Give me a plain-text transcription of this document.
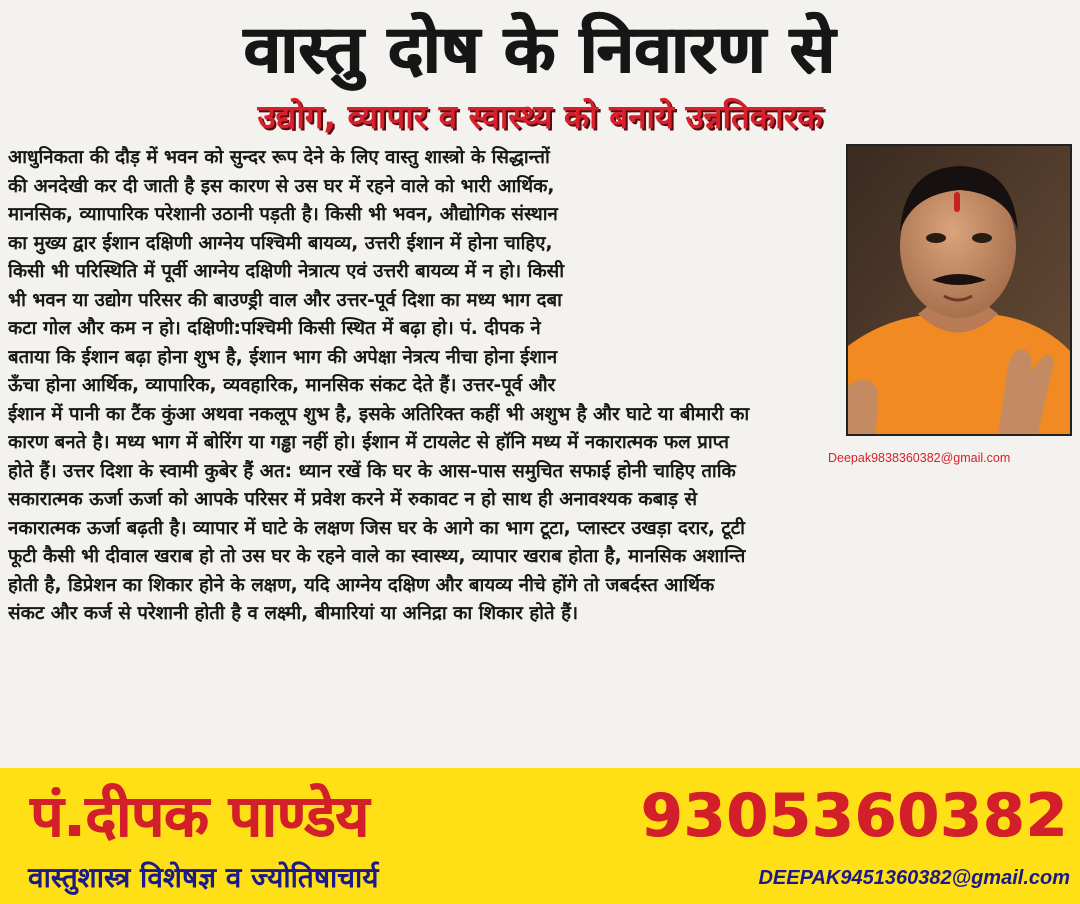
वास्तु दोष के निवारण से
उद्योग, व्यापार व स्वास्थ्य को बनाये उन्नतिकारक
आधुनिकता की दौड़ में भवन को सुन्दर रूप देने के लिए वास्तु शास्त्रो के सिद्धान्तों
की अनदेखी कर दी जाती है इस कारण से उस घर में रहने वाले को भारी आर्थिक,
मानसिक, व्याापारिक परेशानी उठानी पड़ती है। किसी भी भवन, औद्योगिक संस्थान
का मुख्य द्वार ईशान दक्षिणी आग्नेय पश्चिमी बायव्य, उत्तरी ईशान में होना चाहिए,
किसी भी परिस्थिति में पूर्वी आग्नेय दक्षिणी नेत्रात्य एवं उत्तरी बायव्य में न हो। किसी
भी भवन या उद्योग परिसर की बाउण्ड्री वाल और उत्तर-पूर्व दिशा का मध्य भाग दबा
कटा गोल और कम न हो। दक्षिणी:पश्चिमी किसी स्थित में बढ़ा हो। पं. दीपक ने
बताया कि ईशान बढ़ा होना शुभ है, ईशान भाग की अपेक्षा नेत्रत्य नीचा होना ईशान
ऊँचा होना आर्थिक, व्यापारिक, व्यवहारिक, मानसिक संकट देते हैं। उत्तर-पूर्व और
ईशान में पानी का टैंक कुंआ अथवा नकलूप शुभ है, इसके अतिरिक्त कहीं भी अशुभ है और घाटे या बीमारी का
कारण बनते है। मध्य भाग में बोरिंग या गड्ढा नहीं हो। ईशान में टायलेट से हॉनि मध्य में नकारात्मक फल प्राप्त
होते हैं। उत्तर दिशा के स्वामी कुबेर हैं अत: ध्यान रखें कि घर के आस-पास समुचित सफाई होनी चाहिए ताकि
सकारात्मक ऊर्जा ऊर्जा को आपके परिसर में प्रवेश करने में रुकावट न हो साथ ही अनावश्यक कबाड़ से
नकारात्मक ऊर्जा बढ़ती है। व्यापार में घाटे के लक्षण जिस घर के आगे का भाग टूटा, प्लास्टर उखड़ा दरार, टूटी
फूटी कैसी भी दीवाल खराब हो तो उस घर के रहने वाले का स्वास्थ्य, व्यापार खराब होता है, मानसिक अशान्ति
होती है, डिप्रेशन का शिकार होने के लक्षण, यदि आग्नेय दक्षिण और बायव्य नीचे होंगे तो जबर्दस्त आर्थिक
संकट और कर्ज से परेशानी होती है व लक्ष्मी, बीमारियां या अनिद्रा का शिकार होते हैं।
Deepak9838360382@gmail.com
पं.दीपक पाण्डेय	9305360382
वास्तुशास्त्र विशेषज्ञ व ज्योतिषाचार्य	DEEPAK9451360382@gmail.com
